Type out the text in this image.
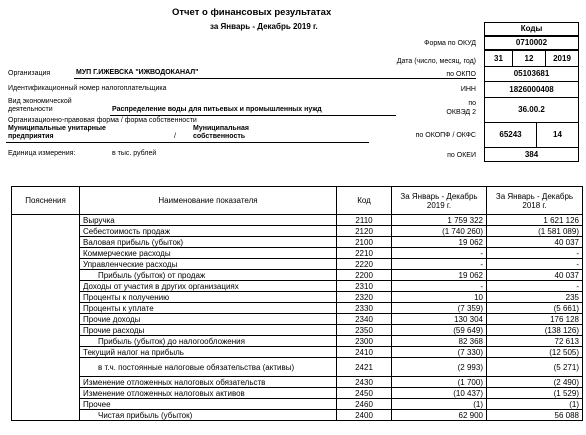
Отчет о финансовых результатах
за Январь - Декабрь 2019 г.	Коды
Форма по ОКУД	0710002
Дата (число, месяц, год)	31	12	2019
по ОКПО	05103681
ИНН	1826000408
по
ОКВЭД 2	36.00.2
по ОКОПФ / ОКФС	65243	14
по ОКЕИ	384
Организация	МУП Г.ИЖЕВСКА "ИЖВОДОКАНАЛ"
Идентификационный номер налогоплательщика
Вид экономической
деятельности	Распределение воды для питьевых и промышленных нужд
Организационно-правовая форма / форма собственности
Муниципальные унитарные
предприятия	/
Муниципальная
собственность
Единица измерения:	в тыс. рублей
Пояснения	Наименование показателя	Код	За Январь - Декабрь 2019 г.	За Январь - Декабрь 2018 г.
	Выручка	2110	1 759 322	1 621 126
	Себестоимость продаж	2120	(1 740 260)	(1 581 089)
	Валовая прибыль (убыток)	2100	19 062	40 037
	Коммерческие расходы	2210	-	-
	Управленческие расходы	2220	-	-
	Прибыль (убыток) от продаж	2200	19 062	40 037
	Доходы от участия в других организациях	2310	-	-
	Проценты к получению	2320	10	235
	Проценты к уплате	2330	(7 359)	(5 661)
	Прочие доходы	2340	130 304	176 128
	Прочие расходы	2350	(59 649)	(138 126)
	Прибыль (убыток) до налогообложения	2300	82 368	72 613
	Текущий налог на прибыль	2410	(7 330)	(12 505)
	в т.ч. постоянные налоговые обязательства (активы)	2421	(2 993)	(5 271)
	Изменение отложенных налоговых обязательств	2430	(1 700)	(2 490)
	Изменение отложенных налоговых активов	2450	(10 437)	(1 529)
	Прочее	2460	(1)	(1)
	Чистая прибыль (убыток)	2400	62 900	56 088
